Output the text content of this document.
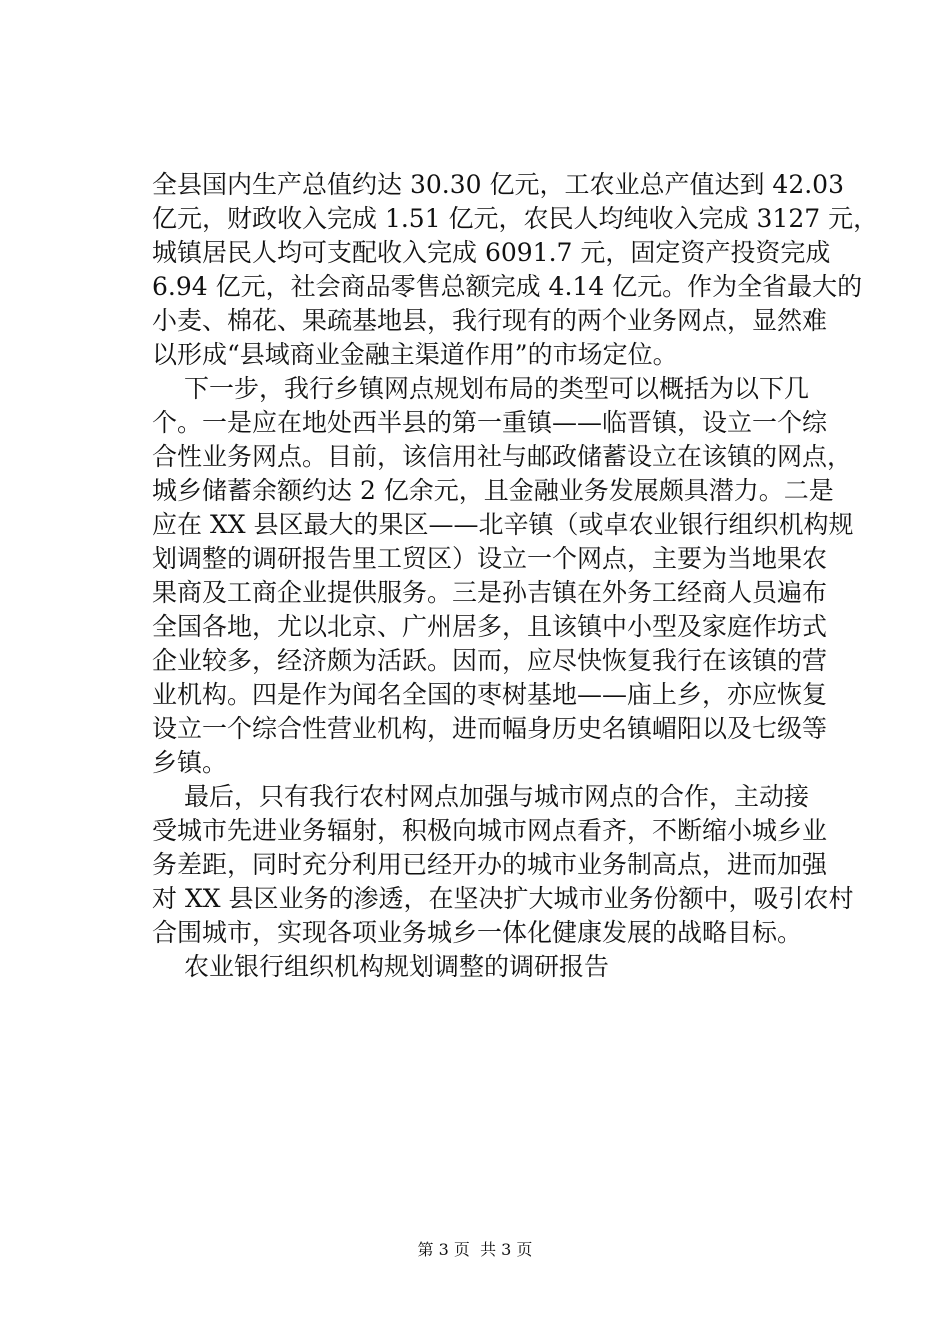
全县国内生产总值约达 30.30 亿元，工农业总产值达到 42.03
亿元，财政收入完成 1.51 亿元，农民人均纯收入完成 3127 元，
城镇居民人均可支配收入完成 6091.7 元，固定资产投资完成
6.94 亿元，社会商品零售总额完成 4.14 亿元。作为全省最大的
小麦、棉花、果疏基地县，我行现有的两个业务网点，显然难
以形成“县域商业金融主渠道作用”的市场定位。
下一步，我行乡镇网点规划布局的类型可以概括为以下几
个。一是应在地处西半县的第一重镇——临晋镇，设立一个综
合性业务网点。目前，该信用社与邮政储蓄设立在该镇的网点，
城乡储蓄余额约达 2 亿余元，且金融业务发展颇具潜力。二是
应在 XX 县区最大的果区——北辛镇（或卓农业银行组织机构规
划调整的调研报告里工贸区）设立一个网点，主要为当地果农
果商及工商企业提供服务。三是孙吉镇在外务工经商人员遍布
全国各地，尤以北京、广州居多，且该镇中小型及家庭作坊式
企业较多，经济颇为活跃。因而，应尽快恢复我行在该镇的营
业机构。四是作为闻名全国的枣树基地——庙上乡，亦应恢复
设立一个综合性营业机构，进而幅身历史名镇嵋阳以及七级等
乡镇。
最后，只有我行农村网点加强与城市网点的合作，主动接
受城市先进业务辐射，积极向城市网点看齐，不断缩小城乡业
务差距，同时充分利用已经开办的城市业务制高点，进而加强
对 XX 县区业务的渗透，在坚决扩大城市业务份额中，吸引农村
合围城市，实现各项业务城乡一体化健康发展的战略目标。
农业银行组织机构规划调整的调研报告
第 3 页  共 3 页
